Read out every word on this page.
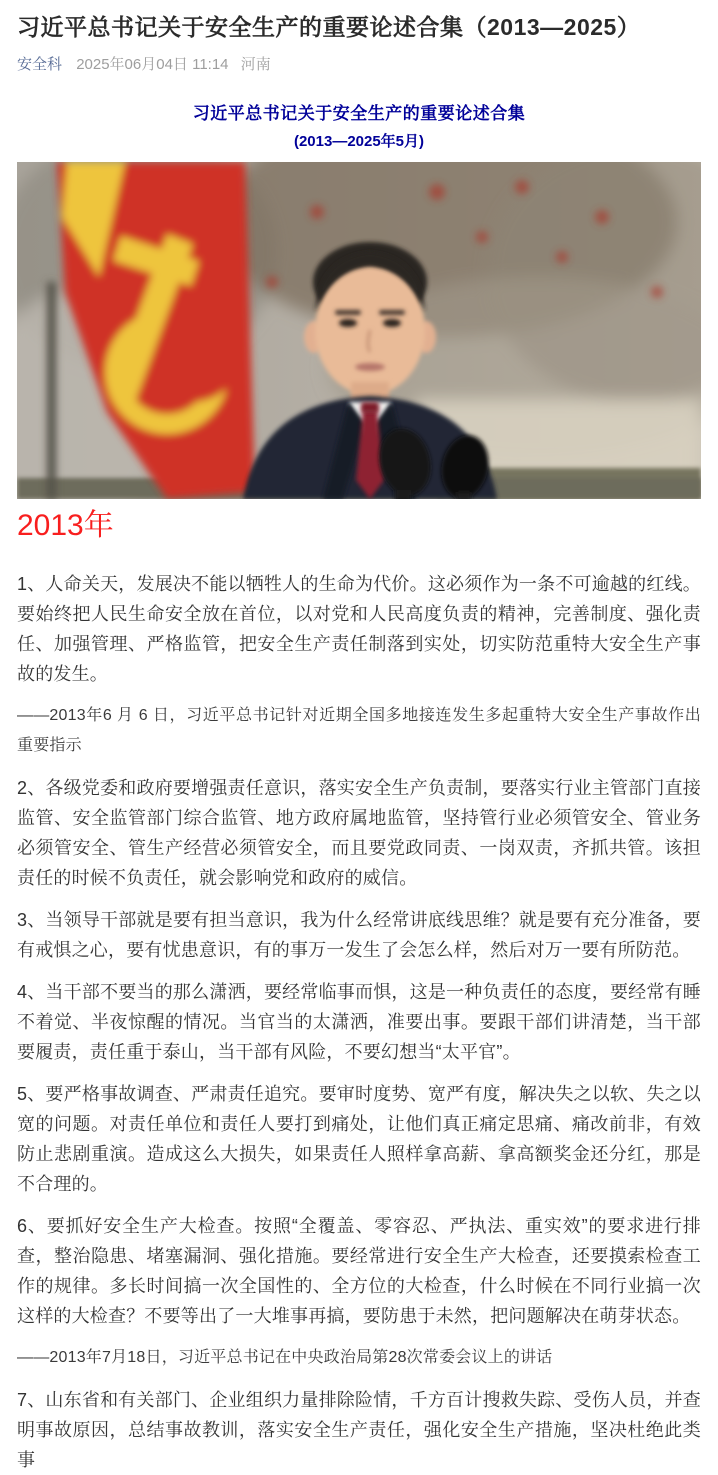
习近平总书记关于安全生产的重要论述合集（2013—2025）
安全科 2025年06月04日 11:14 河南
习近平总书记关于安全生产的重要论述合集
(2013—2025年5月)
2013年

1、人命关天，发展决不能以牺牲人的生命为代价。这必须作为一条不可逾越的红线。要始终把人民生命安全放在首位，以对党和人民高度负责的精神，完善制度、强化责任、加强管理、严格监管，把安全生产责任制落到实处，切实防范重特大安全生产事故的发生。

——2013年6 月 6 日，习近平总书记针对近期全国多地接连发生多起重特大安全生产事故作出重要指示

2、各级党委和政府要增强责任意识，落实安全生产负责制，要落实行业主管部门直接监管、安全监管部门综合监管、地方政府属地监管，坚持管行业必须管安全、管业务必须管安全、管生产经营必须管安全，而且要党政同责、一岗双责，齐抓共管。该担责任的时候不负责任，就会影响党和政府的威信。

3、当领导干部就是要有担当意识，我为什么经常讲底线思维？就是要有充分准备，要有戒惧之心，要有忧患意识，有的事万一发生了会怎么样，然后对万一要有所防范。

4、当干部不要当的那么潇洒，要经常临事而惧，这是一种负责任的态度，要经常有睡不着觉、半夜惊醒的情况。当官当的太潇洒，准要出事。要跟干部们讲清楚，当干部要履责，责任重于泰山，当干部有风险，不要幻想当“太平官”。

5、要严格事故调查、严肃责任追究。要审时度势、宽严有度，解决失之以软、失之以宽的问题。对责任单位和责任人要打到痛处，让他们真正痛定思痛、痛改前非，有效防止悲剧重演。造成这么大损失，如果责任人照样拿高薪、拿高额奖金还分红，那是不合理的。

6、要抓好安全生产大检查。按照“全覆盖、零容忍、严执法、重实效”的要求进行排查，整治隐患、堵塞漏洞、强化措施。要经常进行安全生产大检查，还要摸索检查工作的规律。多长时间搞一次全国性的、全方位的大检查，什么时候在不同行业搞一次这样的大检查？不要等出了一大堆事再搞，要防患于未然，把问题解决在萌芽状态。

——2013年7月18日，习近平总书记在中央政治局第28次常委会议上的讲话

7、山东省和有关部门、企业组织力量排除险情，千方百计搜救失踪、受伤人员，并查明事故原因，总结事故教训，落实安全生产责任，强化安全生产措施，坚决杜绝此类事
